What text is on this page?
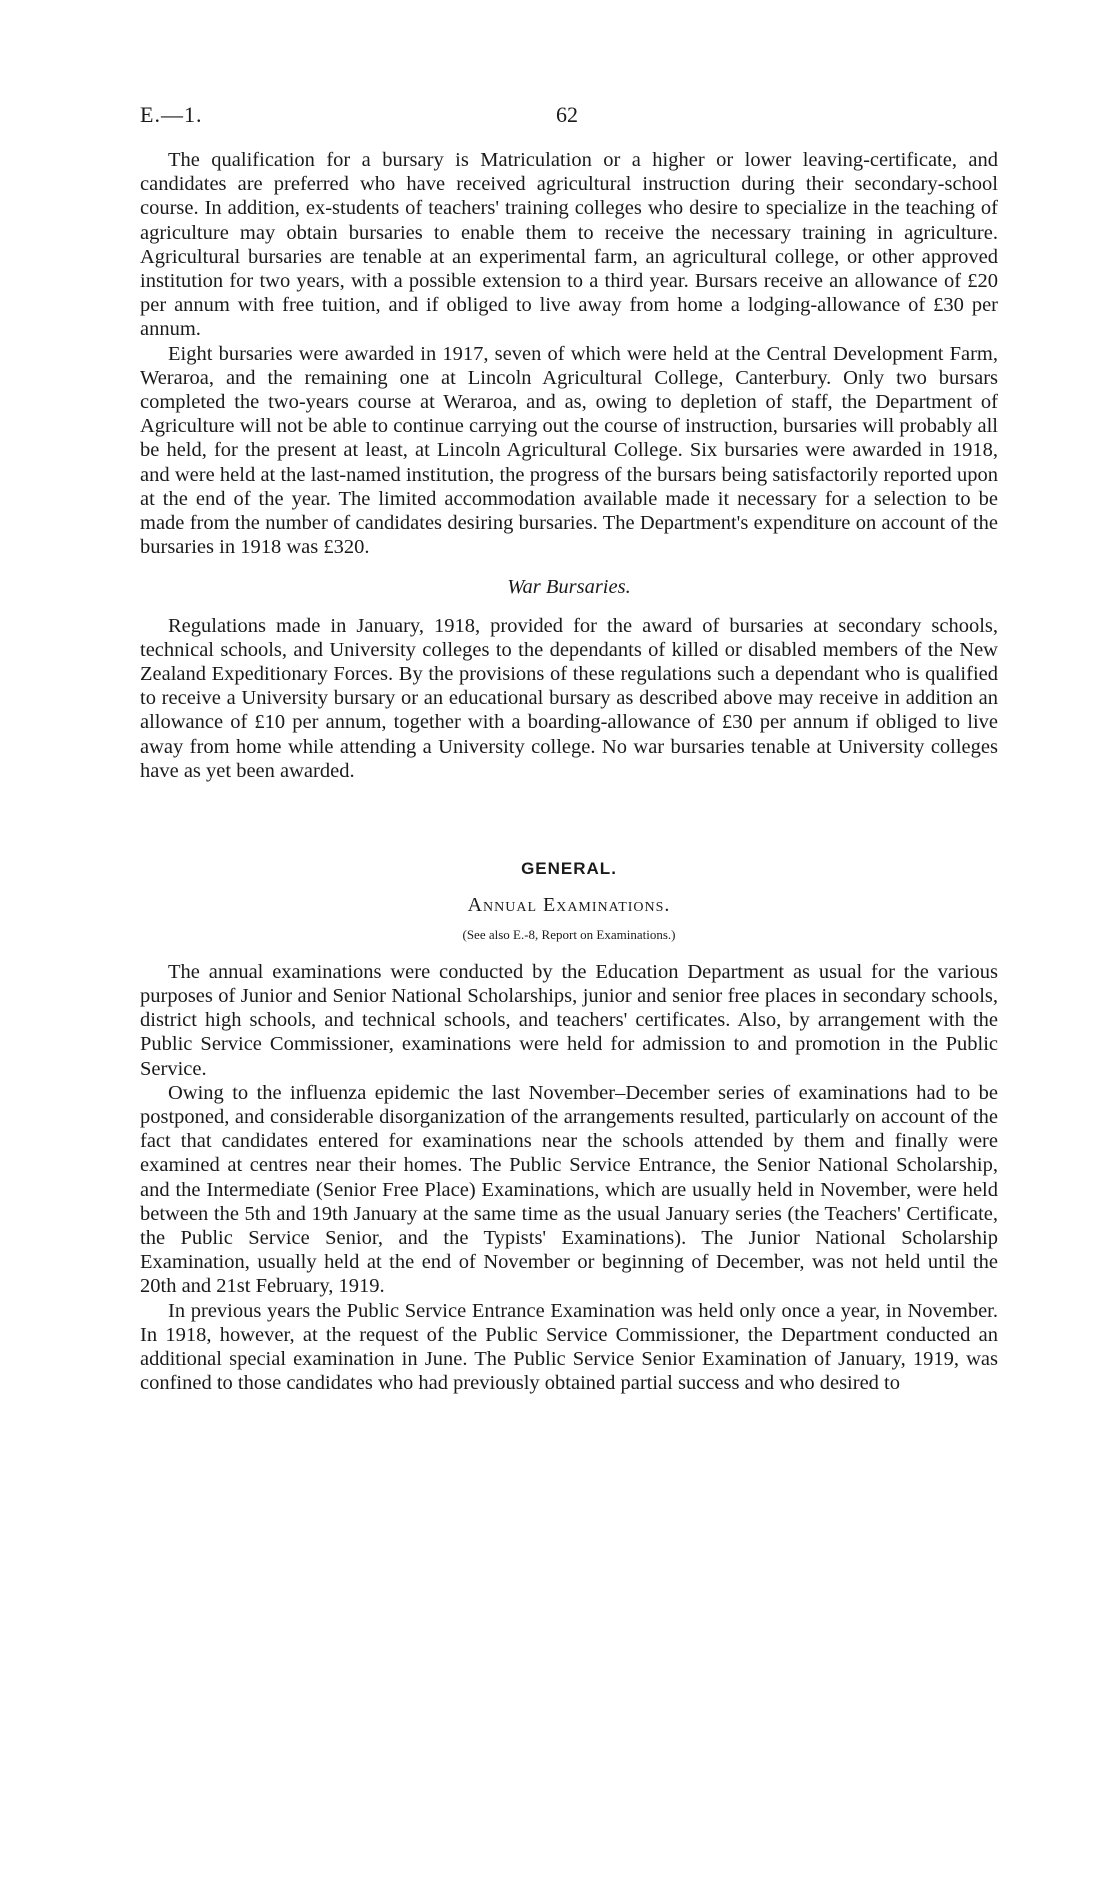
E.—1.	62

The qualification for a bursary is Matriculation or a higher or lower leaving-certificate, and candidates are preferred who have received agricultural instruction during their secondary-school course. In addition, ex-students of teachers' training colleges who desire to specialize in the teaching of agriculture may obtain bursaries to enable them to receive the necessary training in agriculture. Agricultural bursaries are tenable at an experimental farm, an agricultural college, or other approved institution for two years, with a possible extension to a third year. Bursars receive an allowance of £20 per annum with free tuition, and if obliged to live away from home a lodging-allowance of £30 per annum.

Eight bursaries were awarded in 1917, seven of which were held at the Central Development Farm, Weraroa, and the remaining one at Lincoln Agricultural College, Canterbury. Only two bursars completed the two-years course at Weraroa, and as, owing to depletion of staff, the Department of Agriculture will not be able to continue carrying out the course of instruction, bursaries will probably all be held, for the present at least, at Lincoln Agricultural College. Six bursaries were awarded in 1918, and were held at the last-named institution, the progress of the bursars being satisfactorily reported upon at the end of the year. The limited accommodation available made it necessary for a selection to be made from the number of candidates desiring bursaries. The Department's expenditure on account of the bursaries in 1918 was £320.

War Bursaries.

Regulations made in January, 1918, provided for the award of bursaries at secondary schools, technical schools, and University colleges to the dependants of killed or disabled members of the New Zealand Expeditionary Forces. By the provisions of these regulations such a dependant who is qualified to receive a University bursary or an educational bursary as described above may receive in addition an allowance of £10 per annum, together with a boarding-allowance of £30 per annum if obliged to live away from home while attending a University college. No war bursaries tenable at University colleges have as yet been awarded.

GENERAL.
Annual Examinations.
(See also E.-8, Report on Examinations.)

The annual examinations were conducted by the Education Department as usual for the various purposes of Junior and Senior National Scholarships, junior and senior free places in secondary schools, district high schools, and technical schools, and teachers' certificates. Also, by arrangement with the Public Service Commissioner, examinations were held for admission to and promotion in the Public Service.

Owing to the influenza epidemic the last November–December series of examinations had to be postponed, and considerable disorganization of the arrangements resulted, particularly on account of the fact that candidates entered for examinations near the schools attended by them and finally were examined at centres near their homes. The Public Service Entrance, the Senior National Scholarship, and the Intermediate (Senior Free Place) Examinations, which are usually held in November, were held between the 5th and 19th January at the same time as the usual January series (the Teachers' Certificate, the Public Service Senior, and the Typists' Examinations). The Junior National Scholarship Examination, usually held at the end of November or beginning of December, was not held until the 20th and 21st February, 1919.

In previous years the Public Service Entrance Examination was held only once a year, in November. In 1918, however, at the request of the Public Service Commissioner, the Department conducted an additional special examination in June. The Public Service Senior Examination of January, 1919, was confined to those candidates who had previously obtained partial success and who desired to
